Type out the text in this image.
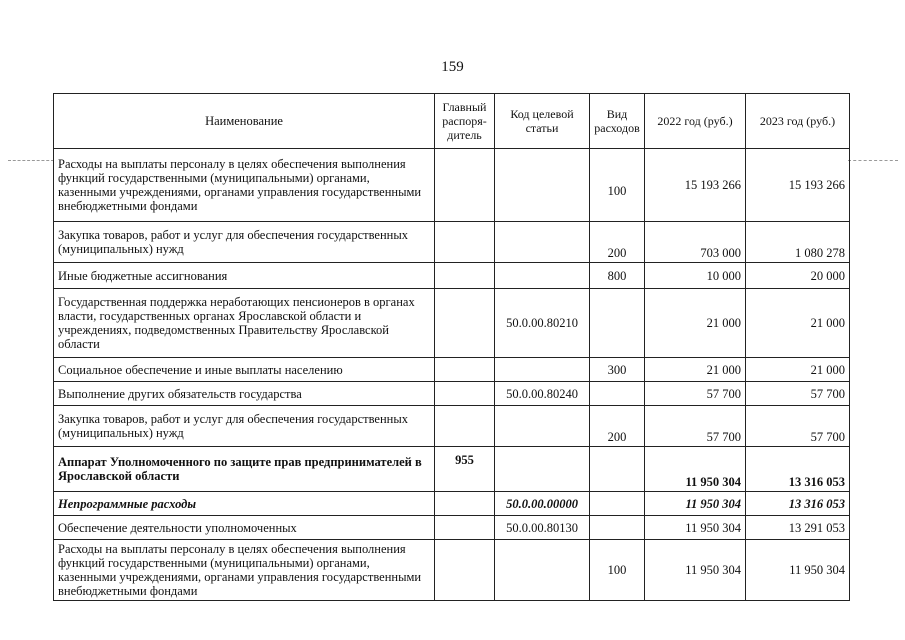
159
Наименование	Главный распоря-дитель	Код целевой статьи	Вид расходов	2022 год (руб.)	2023 год (руб.)
Расходы на выплаты персоналу в целях обеспечения выполнения функций государственными (муниципальными) органами, казенными учреждениями, органами управления государственными внебюджетными фондами			100	15 193 266	15 193 266
Закупка товаров, работ и услуг для обеспечения государственных (муниципальных) нужд			200	703 000	1 080 278
Иные бюджетные ассигнования			800	10 000	20 000
Государственная поддержка неработающих пенсионеров в органах власти, государственных органах Ярославской области и учреждениях, подведомственных Правительству Ярославской области		50.0.00.80210		21 000	21 000
Социальное обеспечение и иные выплаты населению			300	21 000	21 000
Выполнение других обязательств государства		50.0.00.80240		57 700	57 700
Закупка товаров, работ и услуг для обеспечения государственных (муниципальных) нужд			200	57 700	57 700
Аппарат Уполномоченного по защите прав предпринимателей в Ярославской области	955			11 950 304	13 316 053
Непрограммные расходы		50.0.00.00000		11 950 304	13 316 053
Обеспечение деятельности уполномоченных		50.0.00.80130		11 950 304	13 291 053
Расходы на выплаты персоналу в целях обеспечения выполнения функций государственными (муниципальными) органами, казенными учреждениями, органами управления государственными внебюджетными фондами			100	11 950 304	11 950 304
